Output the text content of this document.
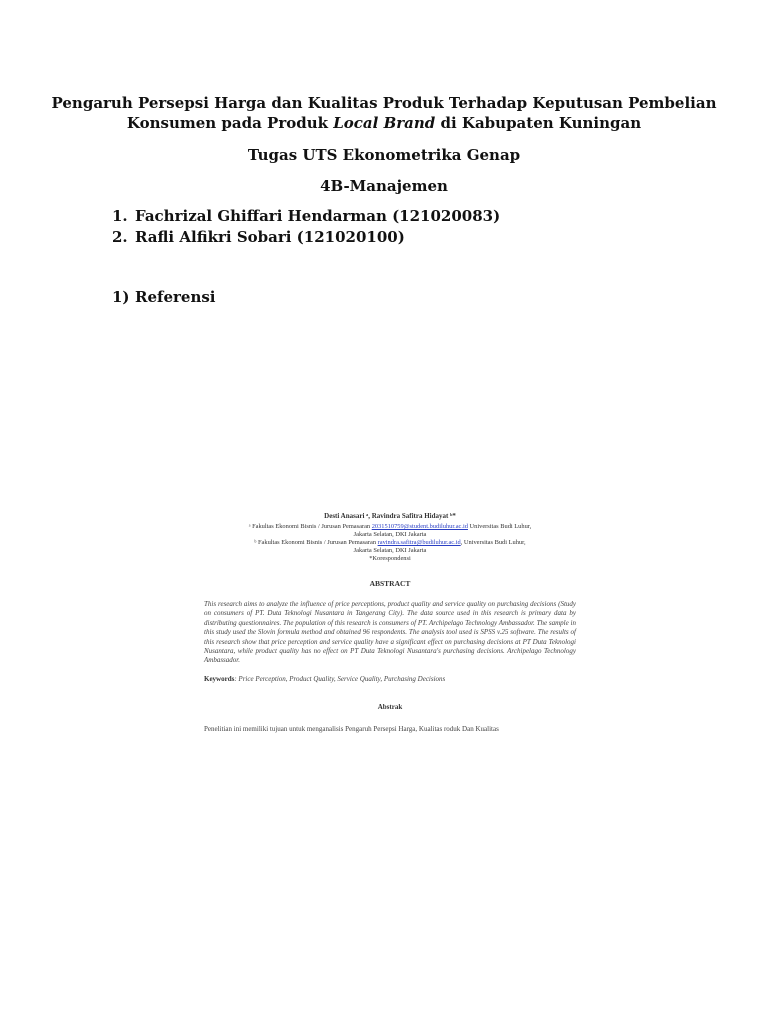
Pengaruh Persepsi Harga dan Kualitas Produk Terhadap Keputusan Pembelian
Konsumen pada Produk Local Brand di Kabupaten Kuningan
Tugas UTS Ekonometrika Genap
4B-Manajemen
1. Fachrizal Ghiffari Hendarman (121020083)
2. Rafli Alfikri Sobari (121020100)
1) Referensi
Desti Anasari ᵃ, Ravindra Safitra Hidayat ᵇ*
ᵃ Fakultas Ekonomi Bisnis / Jurusan Pemasaran 2031510759@student.budiluhur.ac.id Universitas Budi Luhur,
Jakarta Selatan, DKI Jakarta
ᵇ Fakultas Ekonomi Bisnis / Jurusan Pemasaran ravindra.safitra@budiluhur.ac.id, Universitas Budi Luhur,
Jakarta Selatan, DKI Jakarta
*Korespondensi
ABSTRACT
This research aims to analyze the influence of price perceptions, product quality and service quality on purchasing decisions (Study on consumers of PT. Duta Teknologi Nusantara in Tangerang City). The data source used in this research is primary data by distributing questionnaires. The population of this research is consumers of PT. Archipelago Technology Ambassador. The sample in this study used the Slovin formula method and obtained 96 respondents. The analysis tool used is SPSS v.25 software. The results of this research show that price perception and service quality have a significant effect on purchasing decisions at PT Duta Teknologi Nusantara, while product quality has no effect on PT Duta Teknologi Nusantara's purchasing decisions. Archipelago Technology Ambassador.
Keywords: Price Perception, Product Quality, Service Quality, Purchasing Decisions
Abstrak
Penelitian ini memiliki tujuan untuk menganalisis Pengaruh Persepsi Harga, Kualitas roduk Dan Kualitas
